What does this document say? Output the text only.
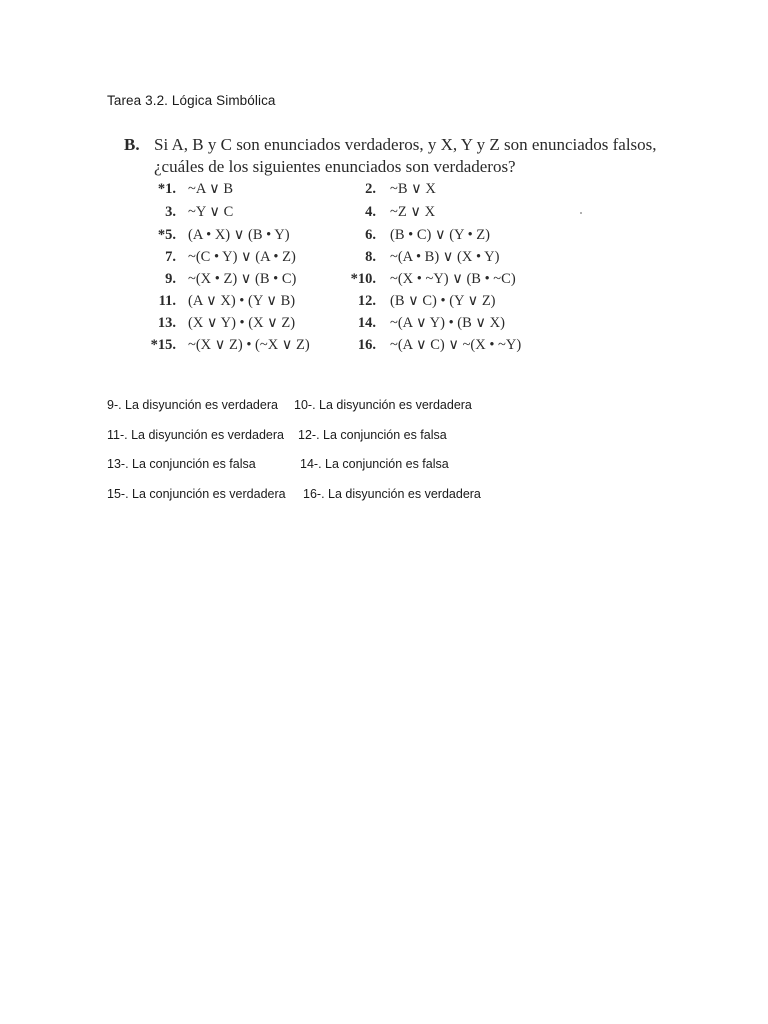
Tarea 3.2. Lógica Simbólica
B. Si A, B y C son enunciados verdaderos, y X, Y y Z son enunciados falsos,
¿cuáles de los siguientes enunciados son verdaderos?
*1. ~A ∨ B	2. ~B ∨ X
3. ~Y ∨ C	4. ~Z ∨ X
*5. (A • X) ∨ (B • Y)	6. (B • C) ∨ (Y • Z)
7. ~(C • Y) ∨ (A • Z)	8. ~(A • B) ∨ (X • Y)
9. ~(X • Z) ∨ (B • C)	*10. ~(X • ~Y) ∨ (B • ~C)
11. (A ∨ X) • (Y ∨ B)	12. (B ∨ C) • (Y ∨ Z)
13. (X ∨ Y) • (X ∨ Z)	14. ~(A ∨ Y) • (B ∨ X)
*15. ~(X ∨ Z) • (~X ∨ Z)	16. ~(A ∨ C) ∨ ~(X • ~Y)
9-. La disyunción es verdadera 10-. La disyunción es verdadera
11-. La disyunción es verdadera 12-. La conjunción es falsa
13-. La conjunción es falsa	14-. La conjunción es falsa
15-. La conjunción es verdadera 16-. La disyunción es verdadera
